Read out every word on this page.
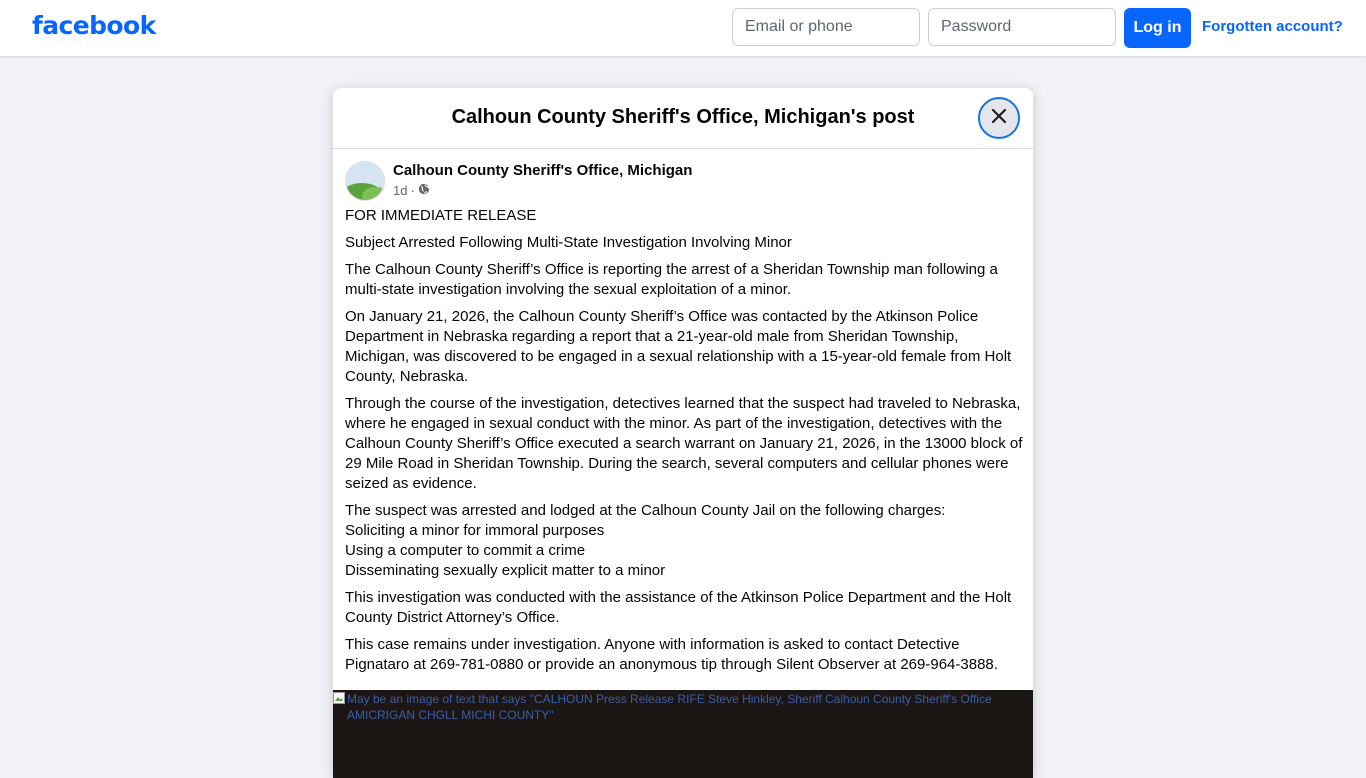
facebook
Email or phone	Log in	Forgotten account?
Calhoun County Sheriff's Office, Michigan's post
Calhoun County Sheriff's Office, Michigan
1d ·

FOR IMMEDIATE RELEASE

Subject Arrested Following Multi-State Investigation Involving Minor

The Calhoun County Sheriff’s Office is reporting the arrest of a Sheridan Township man following a multi-state investigation involving the sexual exploitation of a minor.

On January 21, 2026, the Calhoun County Sheriff’s Office was contacted by the Atkinson Police Department in Nebraska regarding a report that a 21-year-old male from Sheridan Township, Michigan, was discovered to be engaged in a sexual relationship with a 15-year-old female from Holt County, Nebraska.

Through the course of the investigation, detectives learned that the suspect had traveled to Nebraska, where he engaged in sexual conduct with the minor. As part of the investigation, detectives with the Calhoun County Sheriff’s Office executed a search warrant on January 21, 2026, in the 13000 block of 29 Mile Road in Sheridan Township. During the search, several computers and cellular phones were seized as evidence.

The suspect was arrested and lodged at the Calhoun County Jail on the following charges:
Soliciting a minor for immoral purposes
Using a computer to commit a crime
Disseminating sexually explicit matter to a minor

This investigation was conducted with the assistance of the Atkinson Police Department and the Holt County District Attorney’s Office.

This case remains under investigation. Anyone with information is asked to contact Detective Pignataro at 269-781-0880 or provide an anonymous tip through Silent Observer at 269-964-3888.

May be an image of text that says "CALHOUN Press Release RIFE Steve Hinkley, Sheriff Calhoun County Sheriff's Office AMICRIGAN CHGLL MICHI COUNTY"
